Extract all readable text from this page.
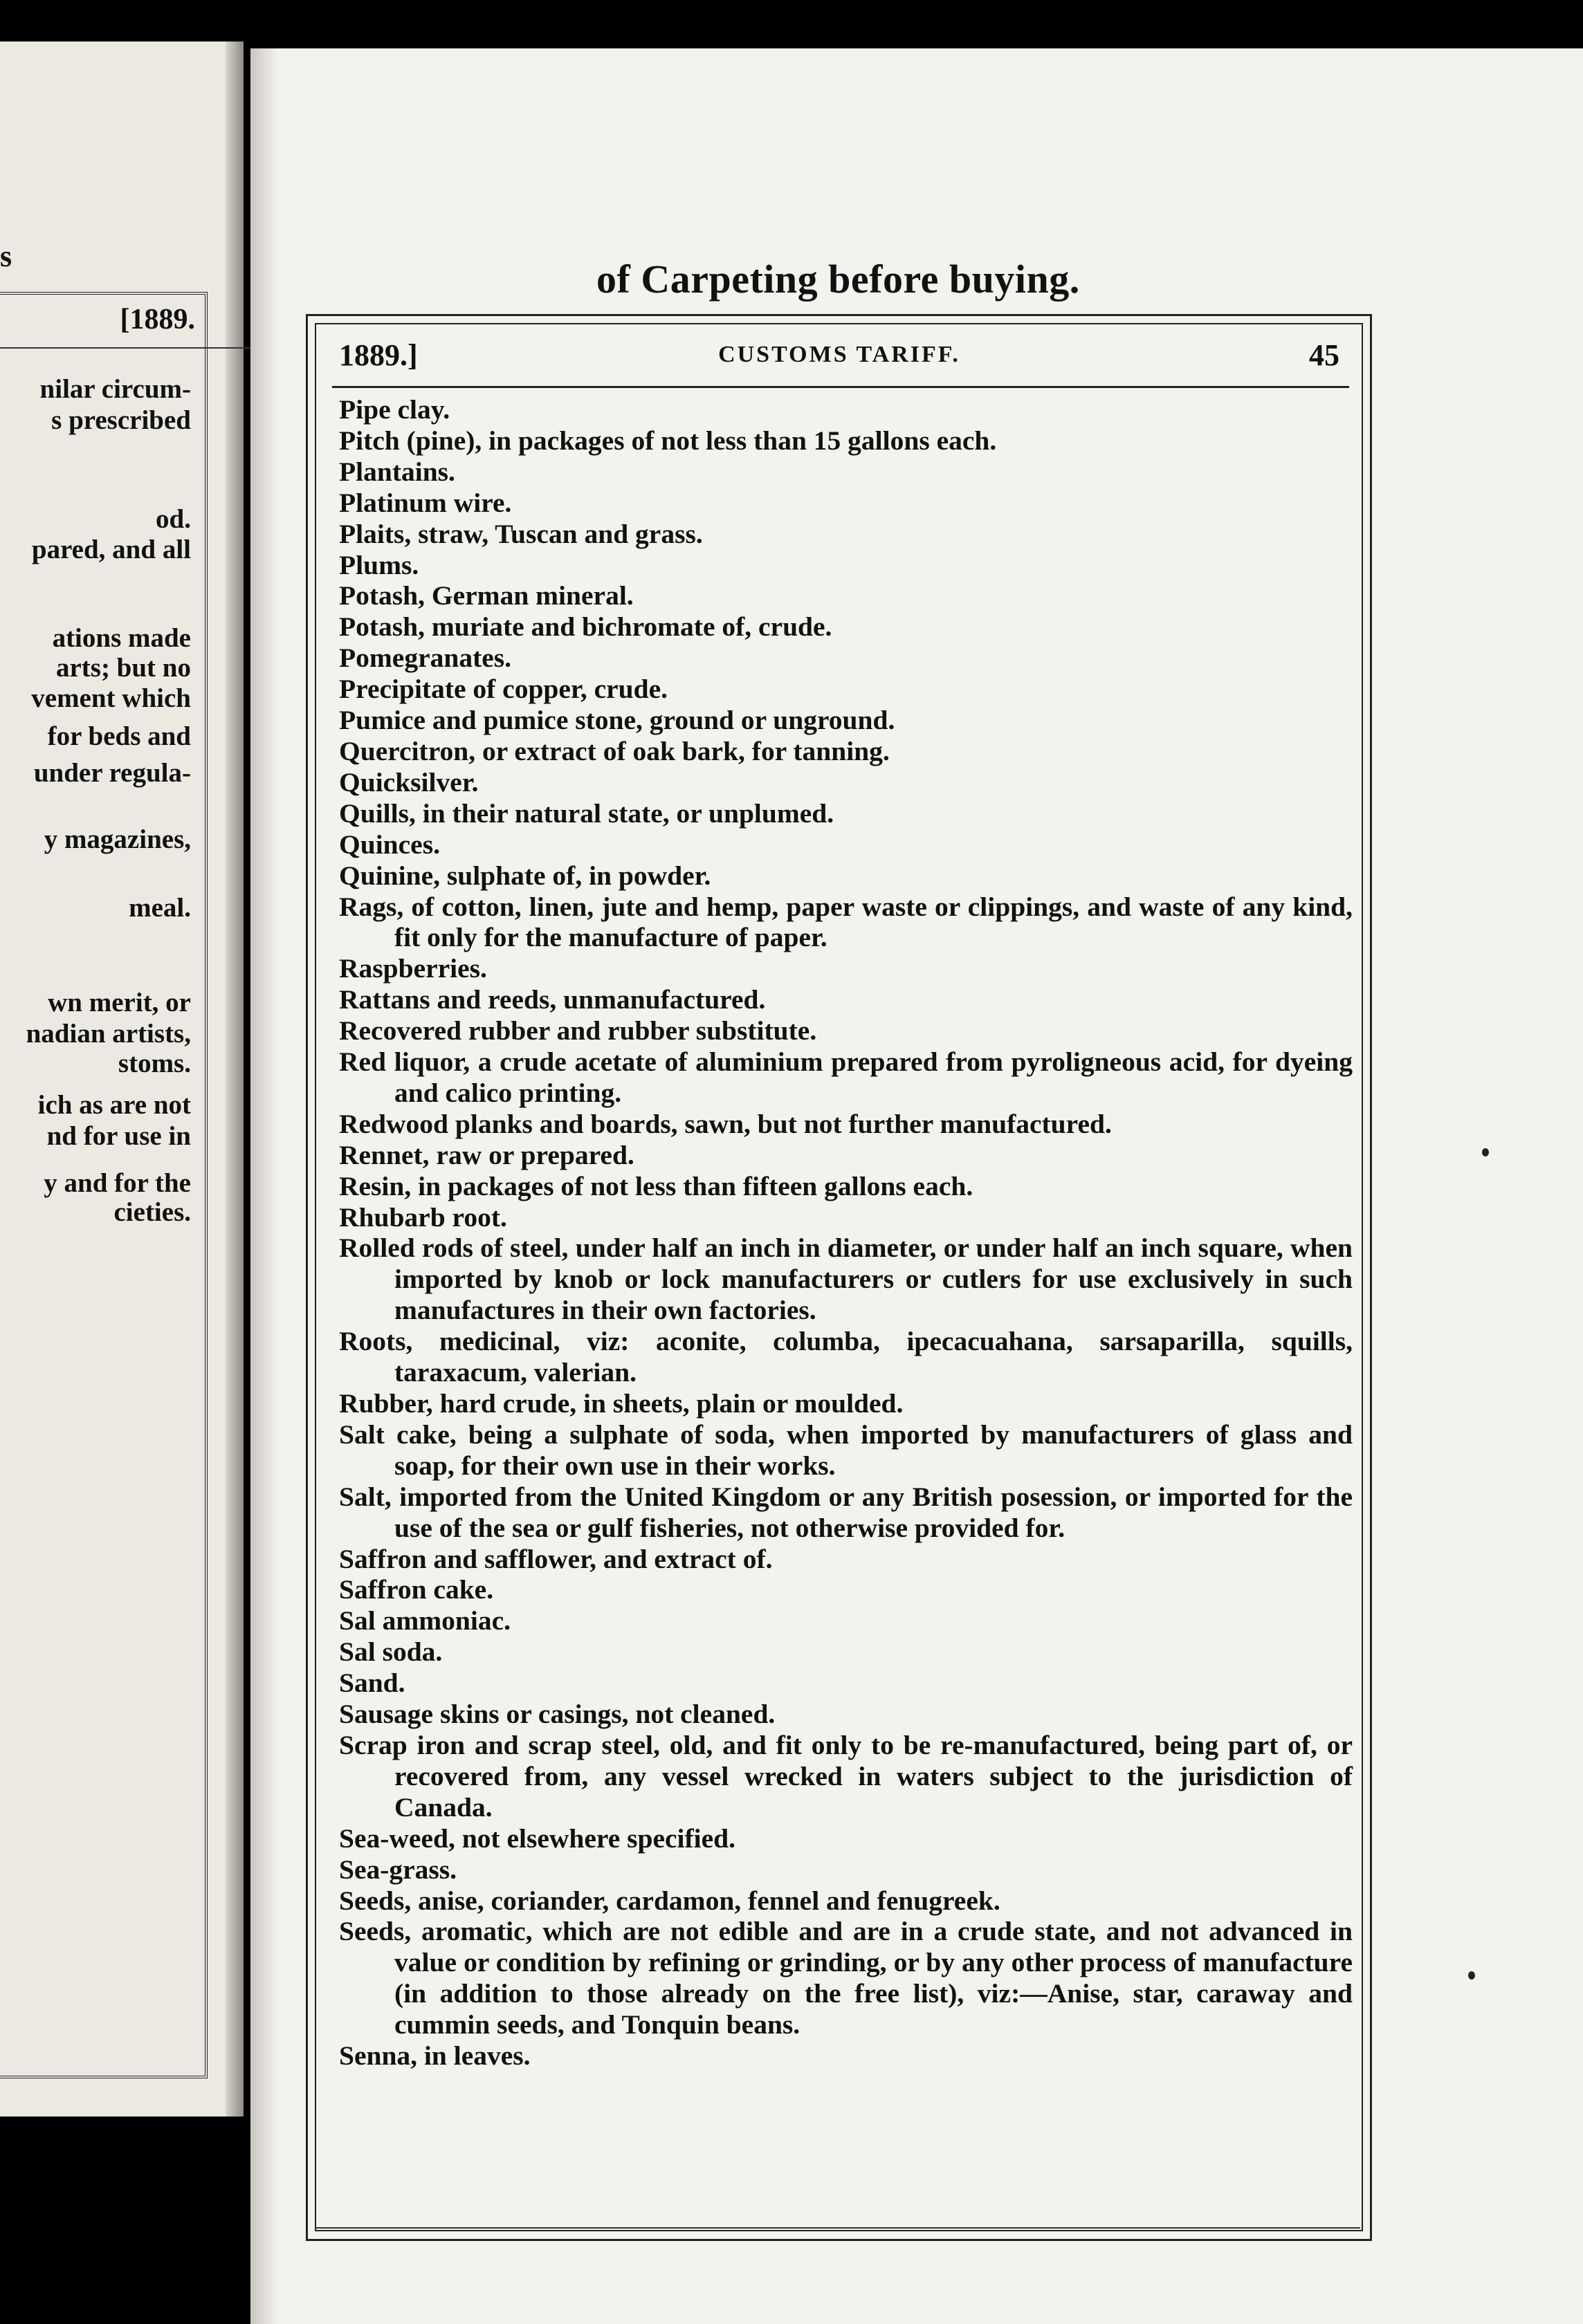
s
[1889.
nilar circum-
s prescribed
od.
pared, and all
ations made
arts; but no
vement which
for beds and
under regula-
y magazines,
meal.
wn merit, or
nadian artists,
stoms.
ich as are not
nd for use in
y and for the
cieties.
of Carpeting before buying.
1889.]	CUSTOMS TARIFF.	45
Pipe clay.
Pitch (pine), in packages of not less than 15 gallons each.
Plantains.
Platinum wire.
Plaits, straw, Tuscan and grass.
Plums.
Potash, German mineral.
Potash, muriate and bichromate of, crude.
Pomegranates.
Precipitate of copper, crude.
Pumice and pumice stone, ground or unground.
Quercitron, or extract of oak bark, for tanning.
Quicksilver.
Quills, in their natural state, or unplumed.
Quinces.
Quinine, sulphate of, in powder.
Rags, of cotton, linen, jute and hemp, paper waste or clippings, and waste of any kind, fit only for the manufacture of paper.
Raspberries.
Rattans and reeds, unmanufactured.
Recovered rubber and rubber substitute.
Red liquor, a crude acetate of aluminium prepared from pyroligneous acid, for dyeing and calico printing.
Redwood planks and boards, sawn, but not further manufactured.
Rennet, raw or prepared.
Resin, in packages of not less than fifteen gallons each.
Rhubarb root.
Rolled rods of steel, under half an inch in diameter, or under half an inch square, when imported by knob or lock manufacturers or cutlers for use exclusively in such manufactures in their own factories.
Roots, medicinal, viz: aconite, columba, ipecacuahana, sarsaparilla, squills, taraxacum, valerian.
Rubber, hard crude, in sheets, plain or moulded.
Salt cake, being a sulphate of soda, when imported by manufacturers of glass and soap, for their own use in their works.
Salt, imported from the United Kingdom or any British posession, or imported for the use of the sea or gulf fisheries, not otherwise provided for.
Saffron and safflower, and extract of.
Saffron cake.
Sal ammoniac.
Sal soda.
Sand.
Sausage skins or casings, not cleaned.
Scrap iron and scrap steel, old, and fit only to be re-manufactured, being part of, or recovered from, any vessel wrecked in waters subject to the jurisdiction of Canada.
Sea-weed, not elsewhere specified.
Sea-grass.
Seeds, anise, coriander, cardamon, fennel and fenugreek.
Seeds, aromatic, which are not edible and are in a crude state, and not advanced in value or condition by refining or grinding, or by any other process of manufacture (in addition to those already on the free list), viz:—Anise, star, caraway and cummin seeds, and Tonquin beans.
Senna, in leaves.
